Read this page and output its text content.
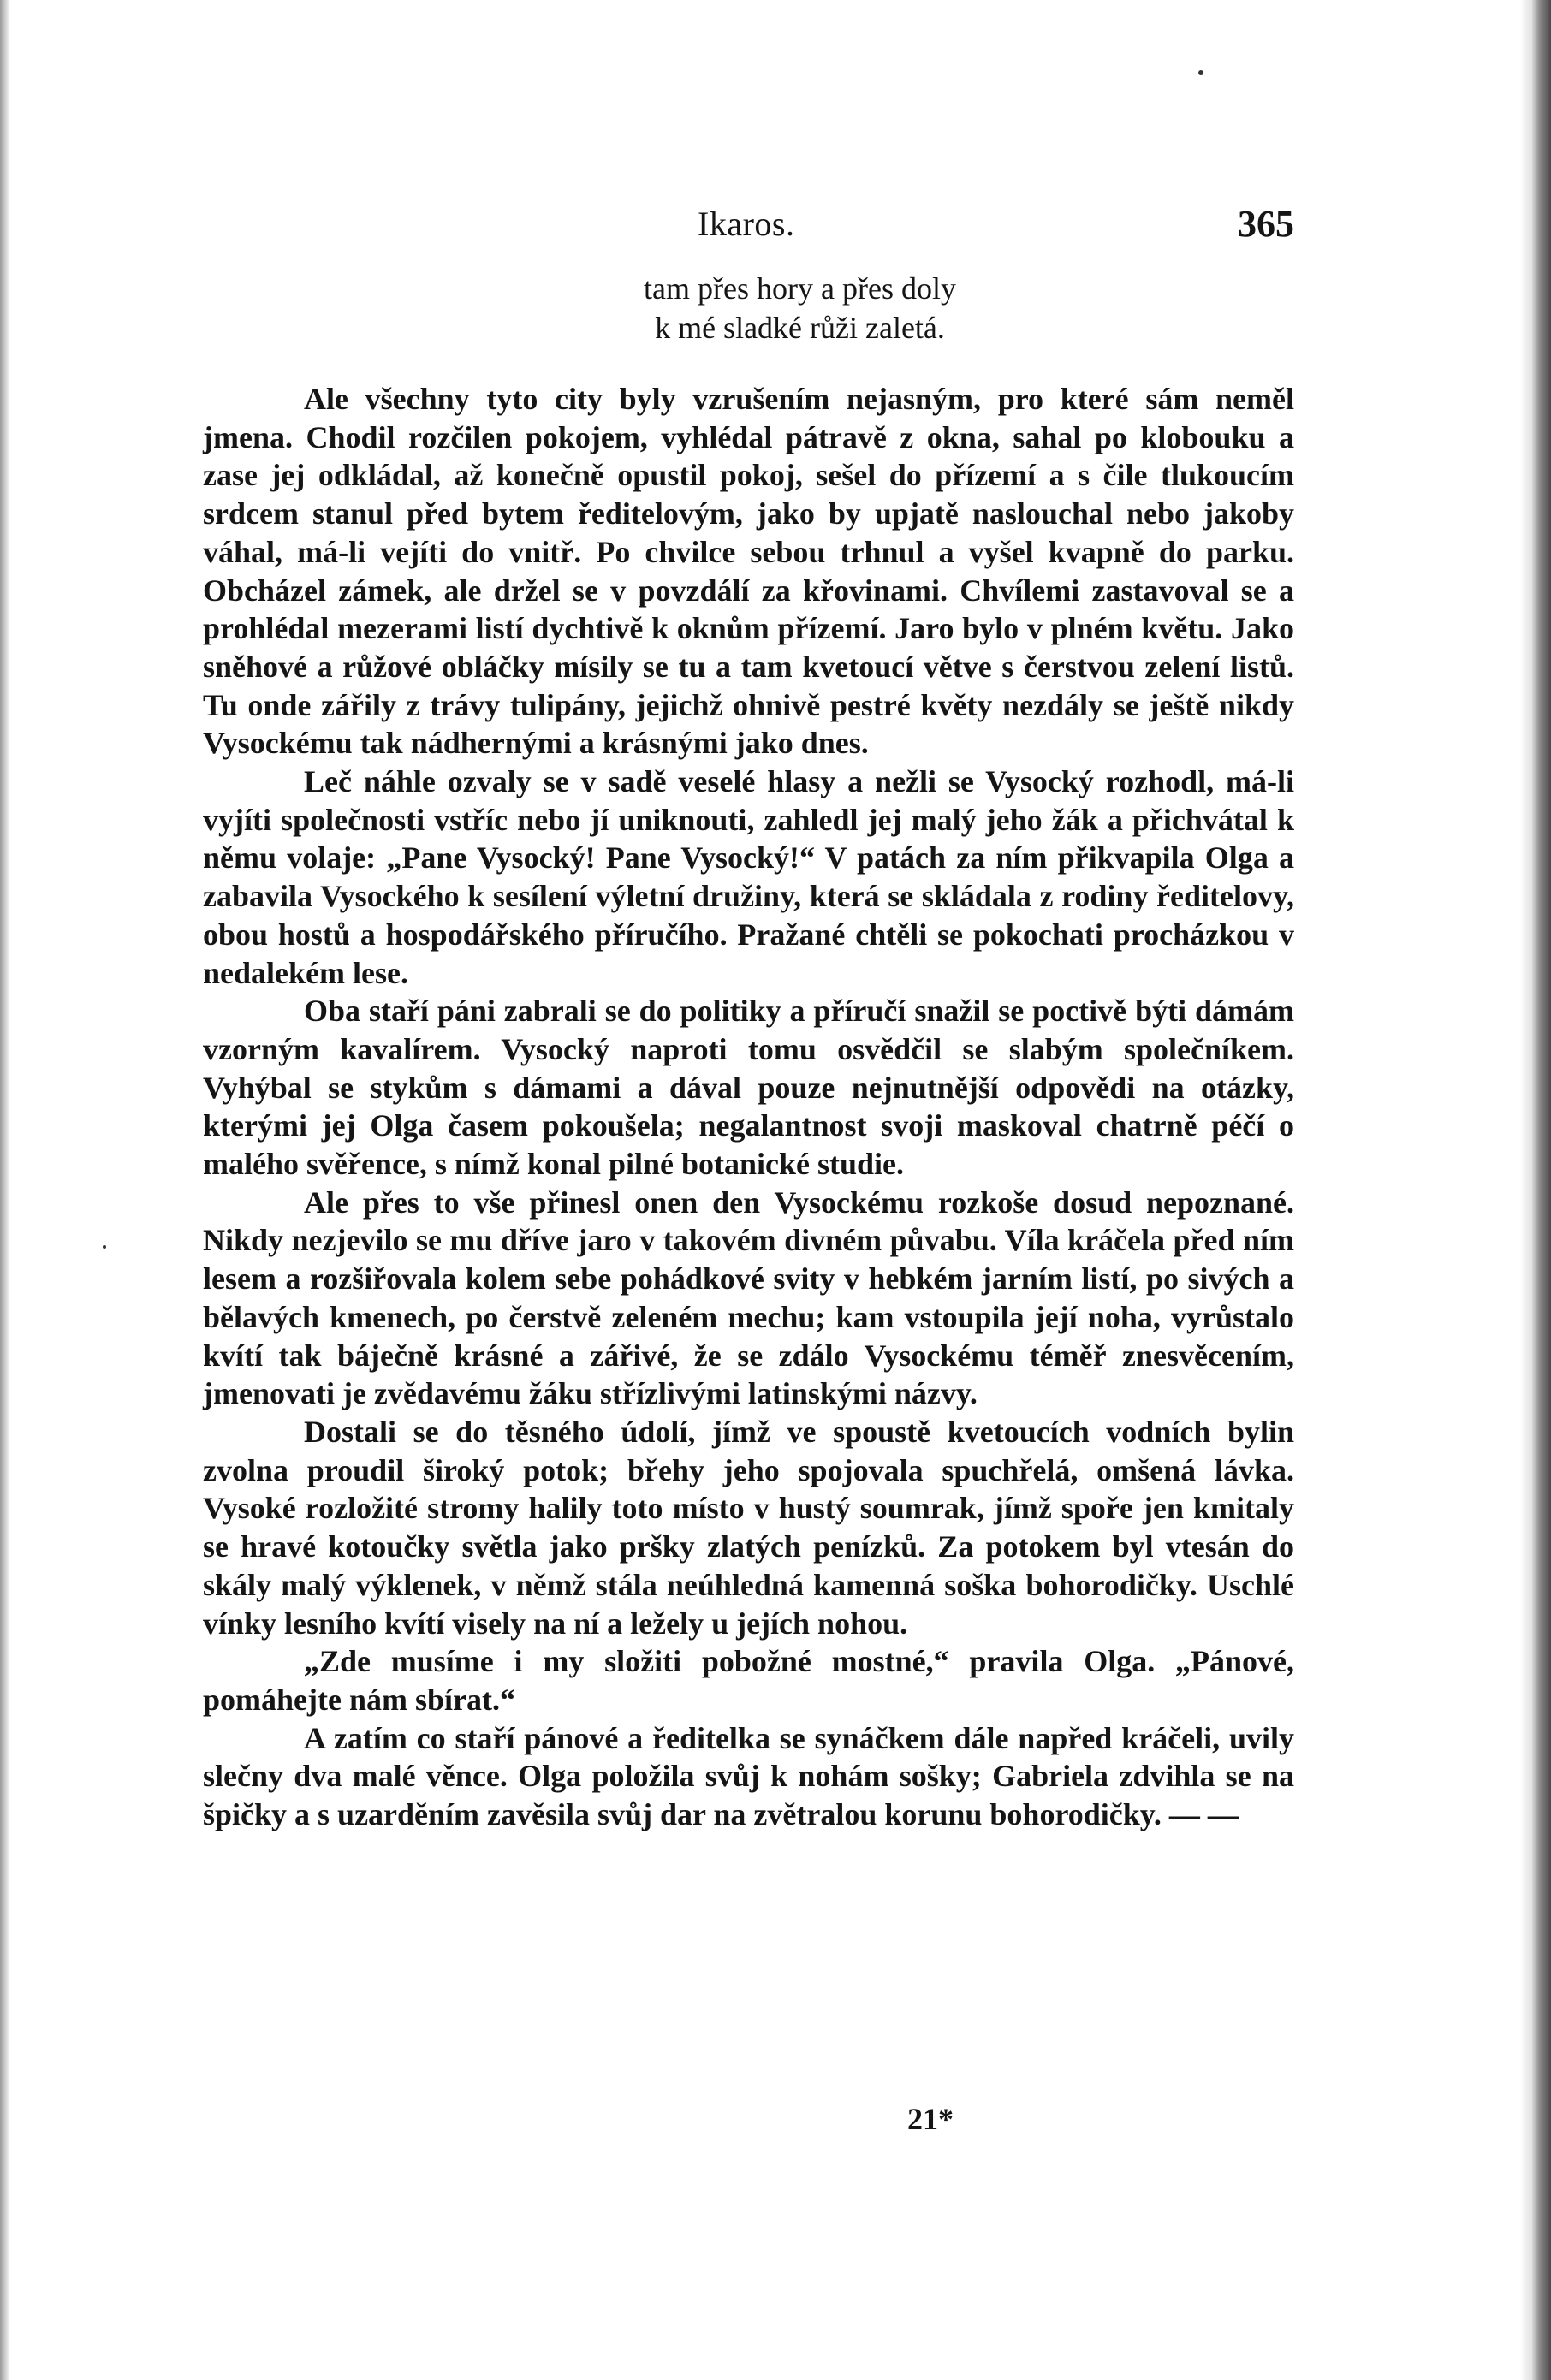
Ikaros.	365
tam přes hory a přes doly
k mé sladké růži zaletá.

Ale všechny tyto city byly vzrušením nejasným, pro které sám neměl jmena. Chodil rozčilen pokojem, vyhlédal pátravě z okna, sahal po klobouku a zase jej odkládal, až konečně opustil pokoj, sešel do přízemí a s čile tlukoucím srdcem stanul před bytem ředitelovým, jako by upjatě naslouchal nebo jakoby váhal, má-li vejíti do vnitř. Po chvilce sebou trhnul a vyšel kvapně do parku. Obcházel zámek, ale držel se v povzdálí za křovinami. Chvílemi zastavoval se a prohlédal mezerami listí dychtivě k oknům přízemí. Jaro bylo v plném květu. Jako sněhové a růžové obláčky mísily se tu a tam kvetoucí větve s čerstvou zelení listů. Tu onde zářily z trávy tulipány, jejichž ohnivě pestré květy nezdály se ještě nikdy Vysockému tak nádhernými a krásnými jako dnes.

Leč náhle ozvaly se v sadě veselé hlasy a nežli se Vysocký rozhodl, má-li vyjíti společnosti vstříc nebo jí uniknouti, zahledl jej malý jeho žák a přichvátal k němu volaje: „Pane Vysocký! Pane Vysocký!“ V patách za ním přikvapila Olga a zabavila Vysockého k sesílení výletní družiny, která se skládala z rodiny ředitelovy, obou hostů a hospodářského příručího. Pražané chtěli se pokochati procházkou v nedalekém lese.

Oba staří páni zabrali se do politiky a příručí snažil se poctivě býti dámám vzorným kavalírem. Vysocký naproti tomu osvědčil se slabým společníkem. Vyhýbal se stykům s dámami a dával pouze nejnutnější odpovědi na otázky, kterými jej Olga časem pokoušela; negalantnost svoji maskoval chatrně péčí o malého svěřence, s nímž konal pilné botanické studie.

Ale přes to vše přinesl onen den Vysockému rozkoše dosud nepoznané. Nikdy nezjevilo se mu dříve jaro v takovém divném půvabu. Víla kráčela před ním lesem a rozšiřovala kolem sebe pohádkové svity v hebkém jarním listí, po sivých a bělavých kmenech, po čerstvě zeleném mechu; kam vstoupila její noha, vyrůstalo kvítí tak báječně krásné a zářivé, že se zdálo Vysockému téměř znesvěcením, jmenovati je zvědavému žáku střízlivými latinskými názvy.

Dostali se do těsného údolí, jímž ve spoustě kvetoucích vodních bylin zvolna proudil široký potok; břehy jeho spojovala spuchřelá, omšená lávka. Vysoké rozložité stromy halily toto místo v hustý soumrak, jímž spoře jen kmitaly se hravé kotoučky světla jako pršky zlatých penízků. Za potokem byl vtesán do skály malý výklenek, v němž stála neúhledná kamenná soška bohorodičky. Uschlé vínky lesního kvítí visely na ní a ležely u jejích nohou.

„Zde musíme i my složiti pobožné mostné,“ pravila Olga. „Pánové, pomáhejte nám sbírat.“

A zatím co staří pánové a ředitelka se synáčkem dále napřed kráčeli, uvily slečny dva malé věnce. Olga položila svůj k nohám sošky; Gabriela zdvihla se na špičky a s uzarděním zavěsila svůj dar na zvětralou korunu bohorodičky. — —

21*
